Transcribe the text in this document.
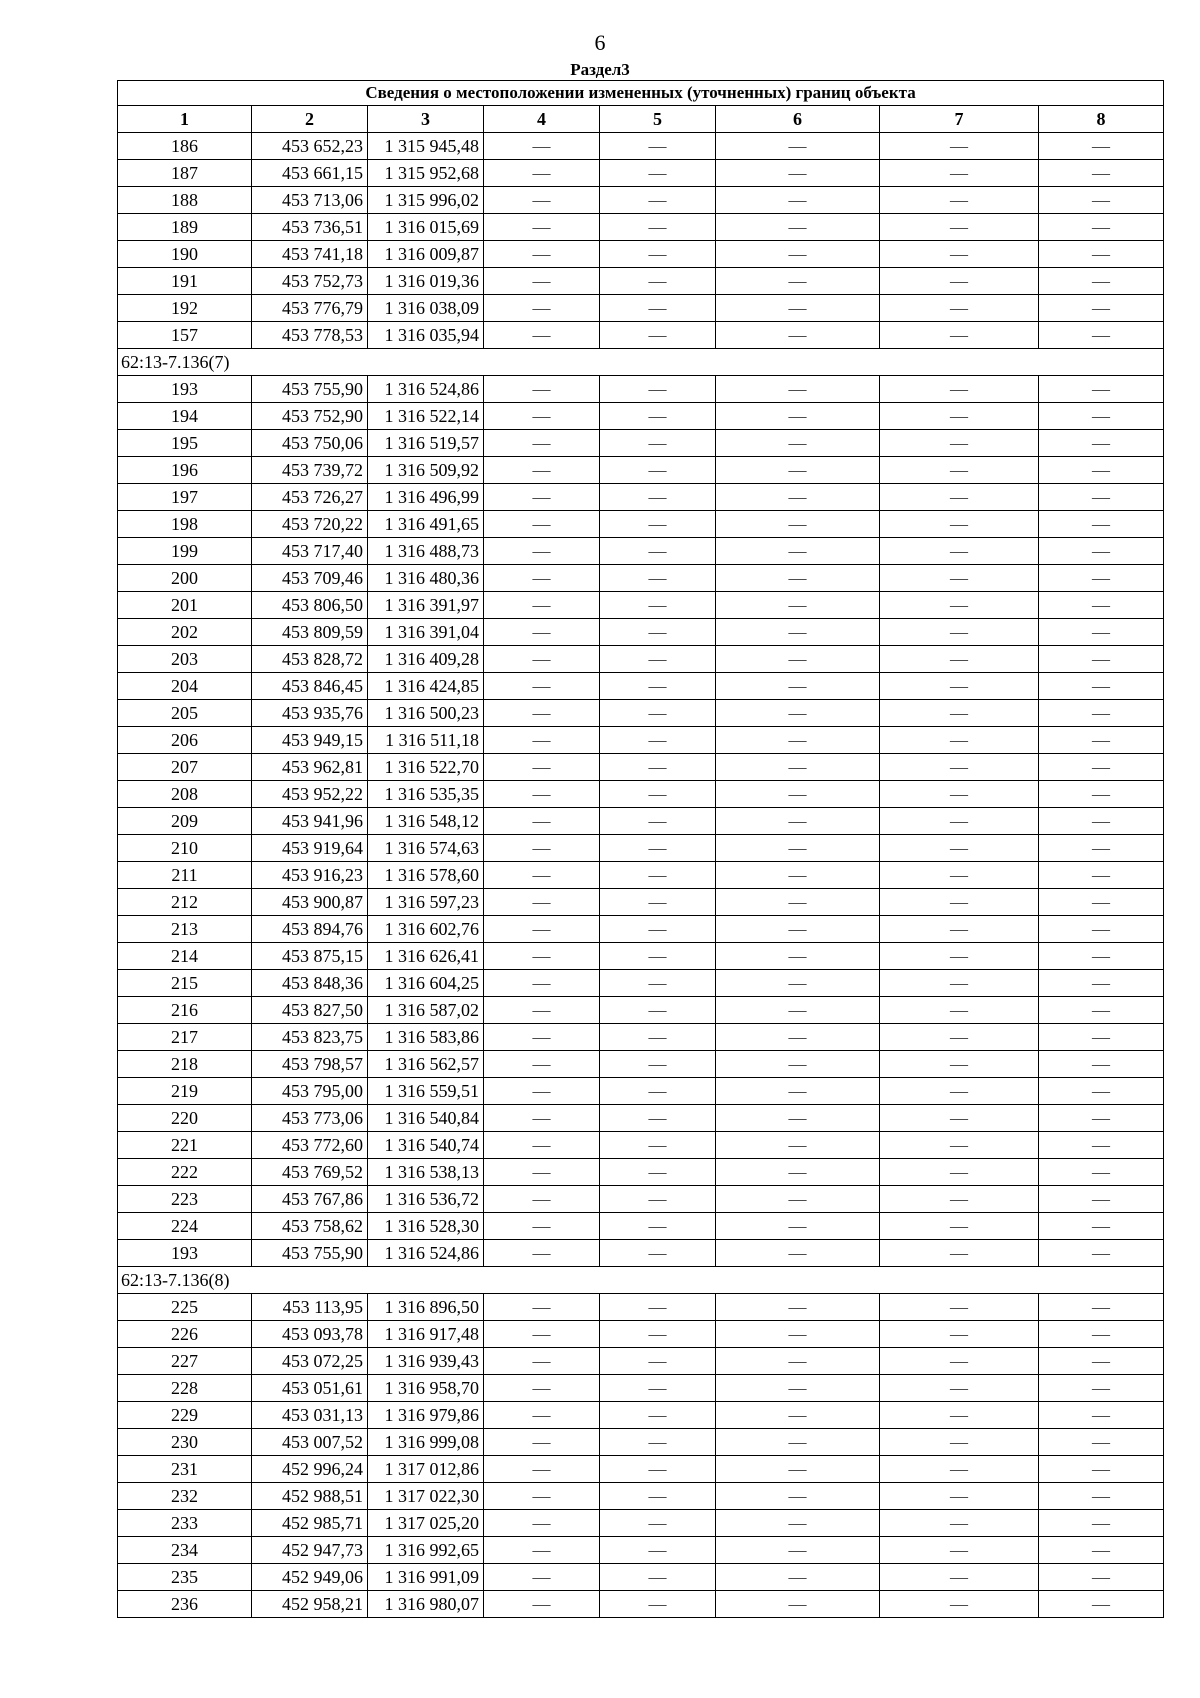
6
Раздел3
Сведения о местоположении измененных (уточненных) границ объекта							
1	2	3	4	5	6	7	8
186	453 652,23	1 315 945,48	—	—	—	—	—
187	453 661,15	1 315 952,68	—	—	—	—	—
188	453 713,06	1 315 996,02	—	—	—	—	—
189	453 736,51	1 316 015,69	—	—	—	—	—
190	453 741,18	1 316 009,87	—	—	—	—	—
191	453 752,73	1 316 019,36	—	—	—	—	—
192	453 776,79	1 316 038,09	—	—	—	—	—
157	453 778,53	1 316 035,94	—	—	—	—	—
62:13-7.136(7)							
193	453 755,90	1 316 524,86	—	—	—	—	—
194	453 752,90	1 316 522,14	—	—	—	—	—
195	453 750,06	1 316 519,57	—	—	—	—	—
196	453 739,72	1 316 509,92	—	—	—	—	—
197	453 726,27	1 316 496,99	—	—	—	—	—
198	453 720,22	1 316 491,65	—	—	—	—	—
199	453 717,40	1 316 488,73	—	—	—	—	—
200	453 709,46	1 316 480,36	—	—	—	—	—
201	453 806,50	1 316 391,97	—	—	—	—	—
202	453 809,59	1 316 391,04	—	—	—	—	—
203	453 828,72	1 316 409,28	—	—	—	—	—
204	453 846,45	1 316 424,85	—	—	—	—	—
205	453 935,76	1 316 500,23	—	—	—	—	—
206	453 949,15	1 316 511,18	—	—	—	—	—
207	453 962,81	1 316 522,70	—	—	—	—	—
208	453 952,22	1 316 535,35	—	—	—	—	—
209	453 941,96	1 316 548,12	—	—	—	—	—
210	453 919,64	1 316 574,63	—	—	—	—	—
211	453 916,23	1 316 578,60	—	—	—	—	—
212	453 900,87	1 316 597,23	—	—	—	—	—
213	453 894,76	1 316 602,76	—	—	—	—	—
214	453 875,15	1 316 626,41	—	—	—	—	—
215	453 848,36	1 316 604,25	—	—	—	—	—
216	453 827,50	1 316 587,02	—	—	—	—	—
217	453 823,75	1 316 583,86	—	—	—	—	—
218	453 798,57	1 316 562,57	—	—	—	—	—
219	453 795,00	1 316 559,51	—	—	—	—	—
220	453 773,06	1 316 540,84	—	—	—	—	—
221	453 772,60	1 316 540,74	—	—	—	—	—
222	453 769,52	1 316 538,13	—	—	—	—	—
223	453 767,86	1 316 536,72	—	—	—	—	—
224	453 758,62	1 316 528,30	—	—	—	—	—
193	453 755,90	1 316 524,86	—	—	—	—	—
62:13-7.136(8)							
225	453 113,95	1 316 896,50	—	—	—	—	—
226	453 093,78	1 316 917,48	—	—	—	—	—
227	453 072,25	1 316 939,43	—	—	—	—	—
228	453 051,61	1 316 958,70	—	—	—	—	—
229	453 031,13	1 316 979,86	—	—	—	—	—
230	453 007,52	1 316 999,08	—	—	—	—	—
231	452 996,24	1 317 012,86	—	—	—	—	—
232	452 988,51	1 317 022,30	—	—	—	—	—
233	452 985,71	1 317 025,20	—	—	—	—	—
234	452 947,73	1 316 992,65	—	—	—	—	—
235	452 949,06	1 316 991,09	—	—	—	—	—
236	452 958,21	1 316 980,07	—	—	—	—	—
